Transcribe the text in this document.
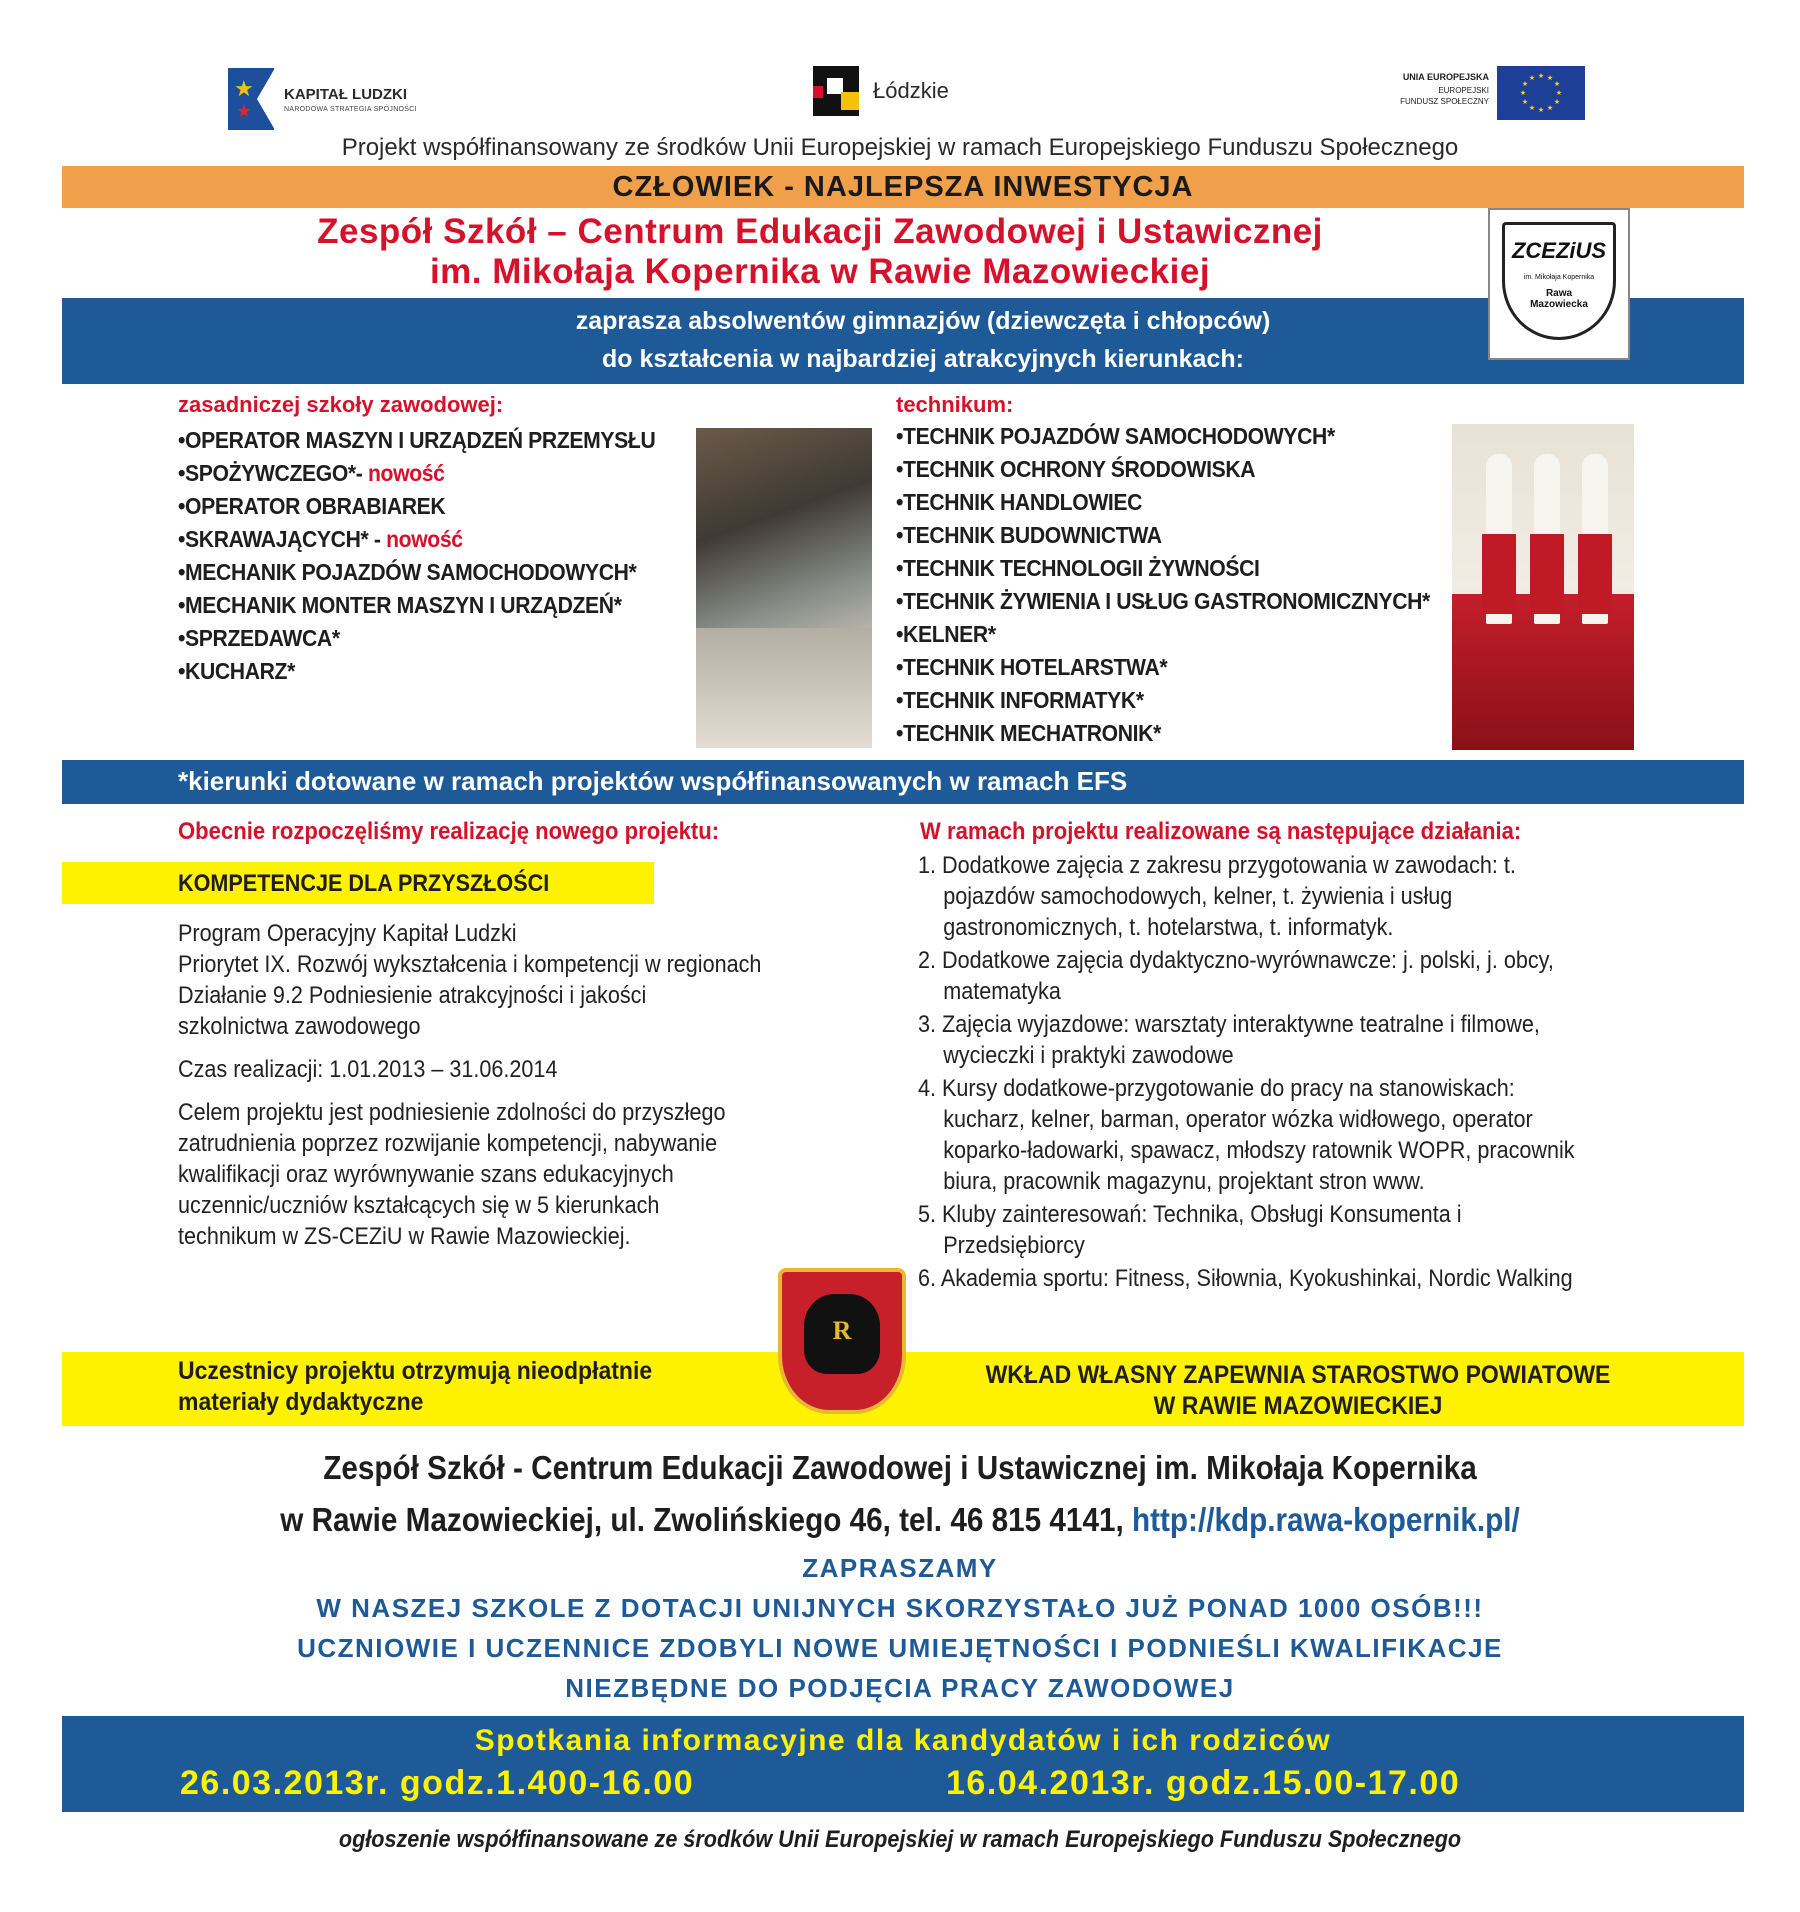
★
★
KAPITAŁ LUDZKI
NARODOWA STRATEGIA SPÓJNOŚCI
Łódzkie
UNIA EUROPEJSKA
EUROPEJSKI
FUNDUSZ SPOŁECZNY
★ ★
★
★
★
★
★
★
★
★
★
★
Projekt współfinansowany ze środków Unii Europejskiej w ramach Europejskiego Funduszu Społecznego
CZŁOWIEK - NAJLEPSZA INWESTYCJA
Zespół Szkół – Centrum Edukacji Zawodowej i Ustawicznej
im. Mikołaja Kopernika w Rawie Mazowieckiej
zaprasza absolwentów gimnazjów (dziewczęta i chłopców)
do kształcenia w najbardziej atrakcyjnych kierunkach:
ZCEZiUS
im. Mikołaja Kopernika
Rawa
Mazowiecka
zasadniczej szkoły zawodowej:
•OPERATOR MASZYN I URZĄDZEŃ PRZEMYSŁU
•SPOŻYWCZEGO*- nowość
•OPERATOR OBRABIAREK
•SKRAWAJĄCYCH* - nowość
•MECHANIK POJAZDÓW SAMOCHODOWYCH*
•MECHANIK MONTER MASZYN I URZĄDZEŃ*
•SPRZEDAWCA*
•KUCHARZ*
technikum:
•TECHNIK POJAZDÓW SAMOCHODOWYCH*
•TECHNIK OCHRONY ŚRODOWISKA
•TECHNIK HANDLOWIEC
•TECHNIK BUDOWNICTWA
•TECHNIK TECHNOLOGII ŻYWNOŚCI
•TECHNIK ŻYWIENIA I USŁUG GASTRONOMICZNYCH*
•KELNER*
•TECHNIK HOTELARSTWA*
•TECHNIK INFORMATYK*
•TECHNIK MECHATRONIK*
*kierunki dotowane w ramach projektów współfinansowanych w ramach EFS
Obecnie rozpoczęliśmy realizację nowego projektu:
KOMPETENCJE DLA PRZYSZŁOŚCI

Program Operacyjny Kapitał Ludzki

Priorytet IX. Rozwój wykształcenia i kompetencji w regionach

Działanie 9.2 Podniesienie atrakcyjności i jakości szkolnictwa zawodowego

Czas realizacji: 1.01.2013 – 31.06.2014

Celem projektu jest podniesienie zdolności do przyszłego zatrudnienia poprzez rozwijanie kompetencji, nabywanie kwalifikacji oraz wyrównywanie szans edukacyjnych uczennic/uczniów kształcących się w 5 kierunkach technikum w ZS-CEZiU w Rawie Mazowieckiej.

W ramach projektu realizowane są następujące działania:
1. Dodatkowe zajęcia z zakresu przygotowania w zawodach: t. pojazdów samochodowych, kelner, t. żywienia i usług gastronomicznych, t. hotelarstwa, t. informatyk.
2. Dodatkowe zajęcia dydaktyczno-wyrównawcze: j. polski, j. obcy, matematyka
3. Zajęcia wyjazdowe: warsztaty interaktywne teatralne i filmowe, wycieczki i praktyki zawodowe
4. Kursy dodatkowe-przygotowanie do pracy na stanowiskach: kucharz, kelner, barman, operator wózka widłowego, operator koparko-ładowarki, spawacz, młodszy ratownik WOPR, pracownik biura, pracownik magazynu, projektant stron www.
5. Kluby zainteresowań: Technika, Obsługi Konsumenta i Przedsiębiorcy
6. Akademia sportu: Fitness, Siłownia, Kyokushinkai, Nordic Walking
Uczestnicy projektu otrzymują nieodpłatnie materiały dydaktyczne
WKŁAD WŁASNY ZAPEWNIA STAROSTWO POWIATOWE
W RAWIE MAZOWIECKIEJ
R
Zespół Szkół - Centrum Edukacji Zawodowej i Ustawicznej im. Mikołaja Kopernika
w Rawie Mazowieckiej, ul. Zwolińskiego 46, tel. 46 815 4141, http://kdp.rawa-kopernik.pl/
ZAPRASZAMY
W NASZEJ SZKOLE Z DOTACJI UNIJNYCH SKORZYSTAŁO JUŻ PONAD 1000 OSÓB!!!
UCZNIOWIE I UCZENNICE ZDOBYLI NOWE UMIEJĘTNOŚCI I PODNIEŚLI KWALIFIKACJE
NIEZBĘDNE DO PODJĘCIA PRACY ZAWODOWEJ
Spotkania informacyjne dla kandydatów i ich rodziców
26.03.2013r. godz.1.400-16.00	16.04.2013r. godz.15.00-17.00
ogłoszenie współfinansowane ze środków Unii Europejskiej w ramach Europejskiego Funduszu Społecznego
